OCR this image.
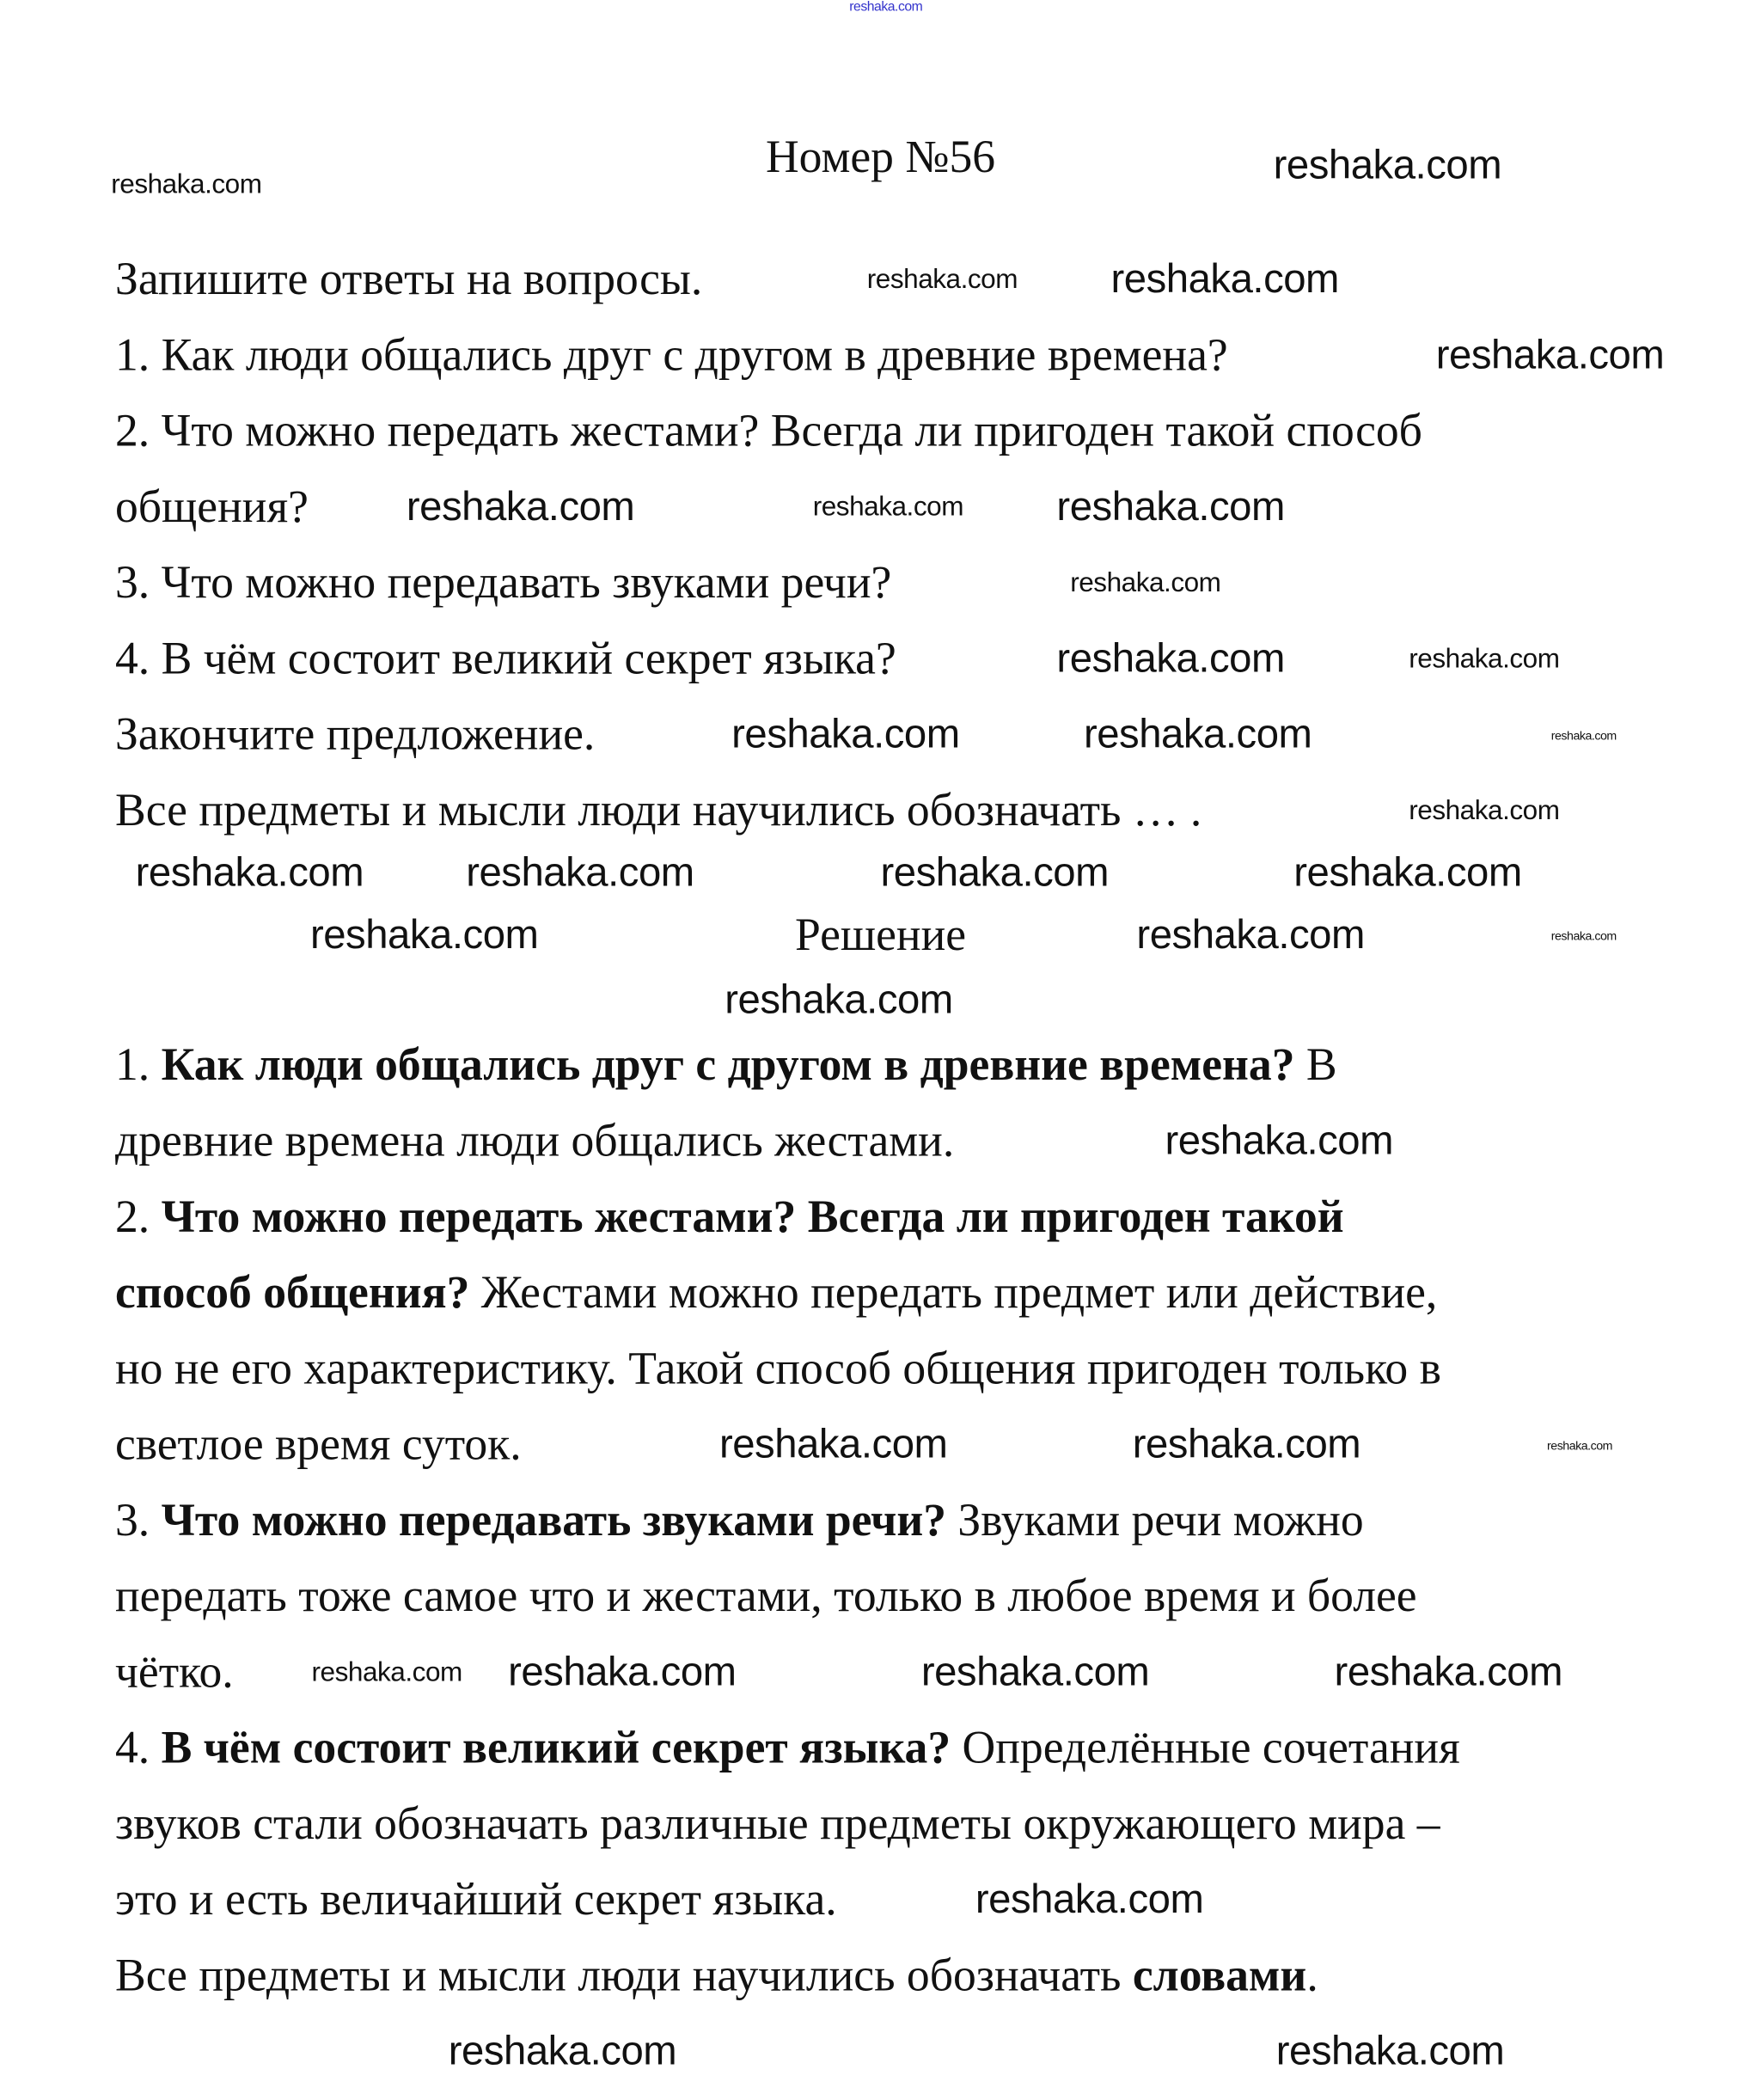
Номер №56
Запишите ответы на вопросы.
1. Как люди общались друг с другом в древние времена?
2. Что можно передать жестами? Всегда ли пригоден такой способ
общения?
3. Что можно передавать звуками речи?
4. В чём состоит великий секрет языка?
Закончите предложение.
Все предметы и мысли люди научились обозначать … .
Решение
1. Как люди общались друг с другом в древние времена? В
древние времена люди общались жестами.
2. Что можно передать жестами? Всегда ли пригоден такой
способ общения? Жестами можно передать предмет или действие,
но не его характеристику. Такой способ общения пригоден только в
светлое время суток.
3. Что можно передавать звуками речи? Звуками речи можно
передать тоже самое что и жестами, только в любое время и более
чётко.
4. В чём состоит великий секрет языка? Определённые сочетания
звуков стали обозначать различные предметы окружающего мира –
это и есть величайший секрет языка.
Все предметы и мысли люди научились обозначать словами.
reshaka.com
reshaka.com	reshaka.com
reshaka.com	reshaka.com
reshaka.com
reshaka.com	reshaka.com	reshaka.com
reshaka.com
reshaka.com	reshaka.com
reshaka.com	reshaka.com	reshaka.com
reshaka.com
reshaka.com	reshaka.com	reshaka.com	reshaka.com
reshaka.com	reshaka.com	reshaka.com
reshaka.com
reshaka.com
reshaka.com	reshaka.com	reshaka.com
reshaka.com reshaka.com	reshaka.com	reshaka.com
reshaka.com
reshaka.com	reshaka.com
